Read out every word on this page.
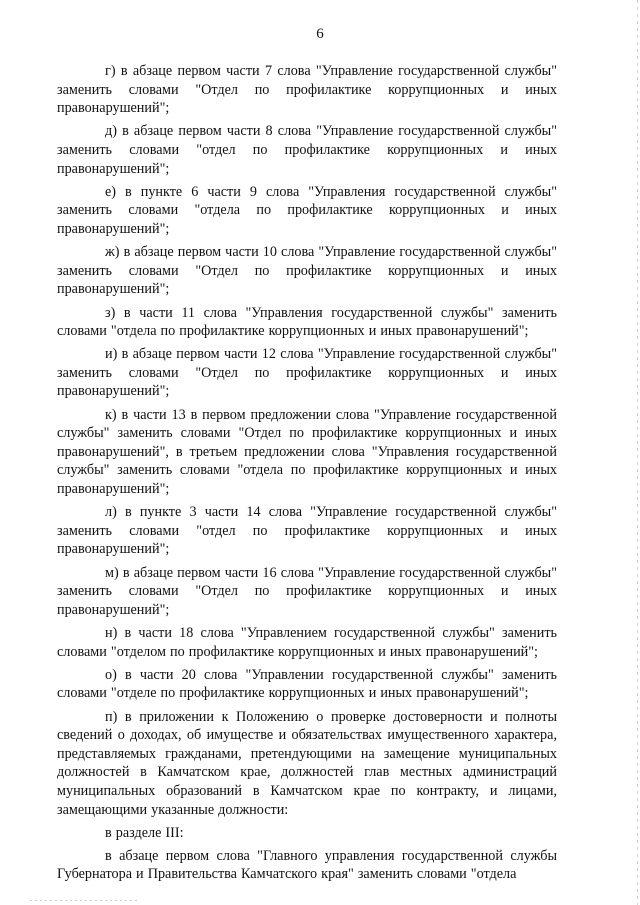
6

г) в абзаце первом части 7 слова "Управление государственной службы" заменить словами "Отдел по профилактике коррупционных и иных правонарушений";

д) в абзаце первом части 8 слова "Управление государственной службы" заменить словами "отдел по профилактике коррупционных и иных правонарушений";

е) в пункте 6 части 9 слова "Управления государственной службы" заменить словами "отдела по профилактике коррупционных и иных правонарушений";

ж) в абзаце первом части 10 слова "Управление государственной службы" заменить словами "Отдел по профилактике коррупционных и иных правонарушений";

з) в части 11 слова "Управления государственной службы" заменить словами "отдела по профилактике коррупционных и иных правонарушений";

и) в абзаце первом части 12 слова "Управление государственной службы" заменить словами "Отдел по профилактике коррупционных и иных правонарушений";

к) в части 13 в первом предложении слова "Управление государственной службы" заменить словами "Отдел по профилактике коррупционных и иных правонарушений", в третьем предложении слова "Управления государственной службы" заменить словами "отдела по профилактике коррупционных и иных правонарушений";

л) в пункте 3 части 14 слова "Управление государственной службы" заменить словами "отдел по профилактике коррупционных и иных правонарушений";

м) в абзаце первом части 16 слова "Управление государственной службы" заменить словами "Отдел по профилактике коррупционных и иных правонарушений";

н) в части 18 слова "Управлением государственной службы" заменить словами "отделом по профилактике коррупционных и иных правонарушений";

о) в части 20 слова "Управлении государственной службы" заменить словами "отделе по профилактике коррупционных и иных правонарушений";

п) в приложении к Положению о проверке достоверности и полноты сведений о доходах, об имуществе и обязательствах имущественного характера, представляемых гражданами, претендующими на замещение муниципальных должностей в Камчатском крае, должностей глав местных администраций муниципальных образований в Камчатском крае по контракту, и лицами, замещающими указанные должности:

в разделе III:

в абзаце первом слова "Главного управления государственной службы Губернатора и Правительства Камчатского края" заменить словами "отдела
